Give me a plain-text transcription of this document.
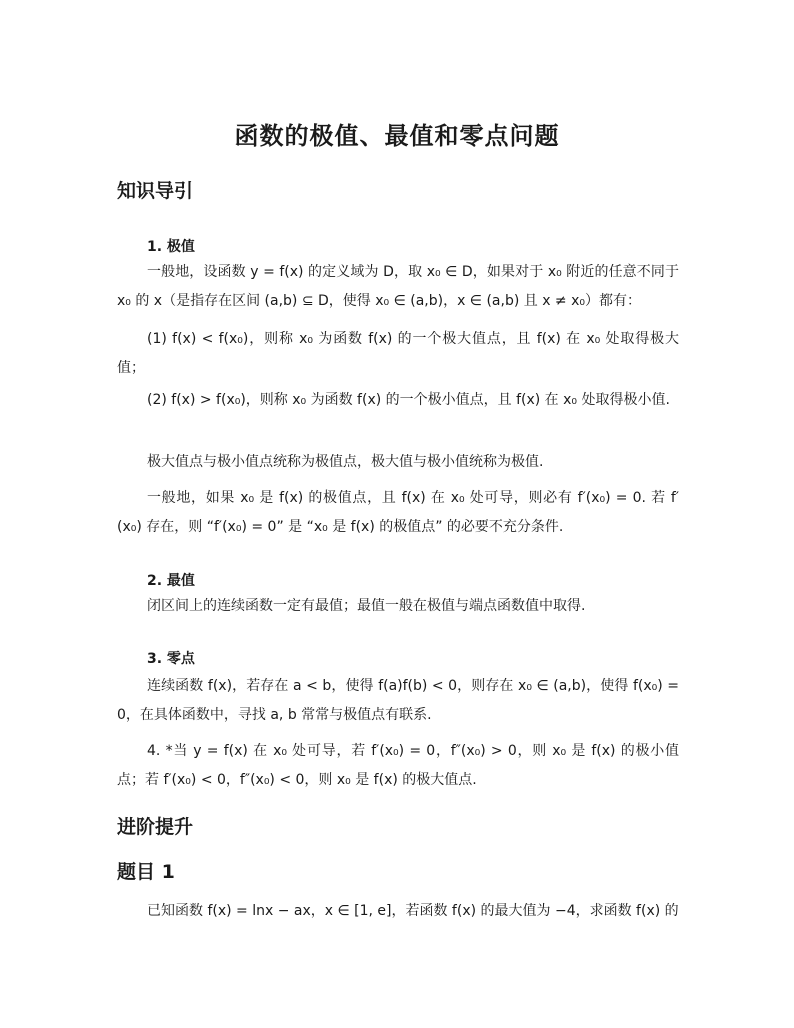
函数的极值、最值和零点问题
知识导引
1. 极值
一般地，设函数 y = f(x) 的定义域为 D，取 x₀ ∈ D，如果对于 x₀ 附近的任意不同于 x₀ 的 x（是指存在区间 (a,b) ⊆ D，使得 x₀ ∈ (a,b)，x ∈ (a,b) 且 x ≠ x₀）都有：
(1) f(x) < f(x₀)，则称 x₀ 为函数 f(x) 的一个极大值点，且 f(x) 在 x₀ 处取得极大值；
(2) f(x) > f(x₀)，则称 x₀ 为函数 f(x) 的一个极小值点，且 f(x) 在 x₀ 处取得极小值.
极大值点与极小值点统称为极值点，极大值与极小值统称为极值.
一般地，如果 x₀ 是 f(x) 的极值点，且 f(x) 在 x₀ 处可导，则必有 f′(x₀) = 0. 若 f′(x₀) 存在，则 “f′(x₀) = 0” 是 “x₀ 是 f(x) 的极值点” 的必要不充分条件.
2. 最值
闭区间上的连续函数一定有最值；最值一般在极值与端点函数值中取得.
3. 零点
连续函数 f(x)，若存在 a < b，使得 f(a)f(b) < 0，则存在 x₀ ∈ (a,b)，使得 f(x₀) = 0，在具体函数中，寻找 a, b 常常与极值点有联系.
4. *当 y = f(x) 在 x₀ 处可导，若 f′(x₀) = 0，f″(x₀) > 0，则 x₀ 是 f(x) 的极小值点；若 f′(x₀) < 0，f″(x₀) < 0，则 x₀ 是 f(x) 的极大值点.
进阶提升
题目 1
已知函数 f(x) = lnx − ax，x ∈ [1, e]，若函数 f(x) 的最大值为 −4，求函数 f(x) 的
